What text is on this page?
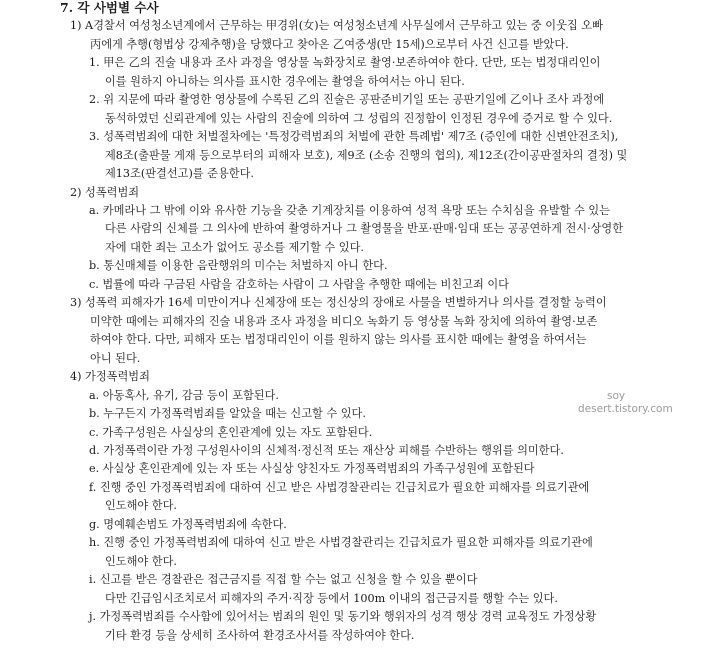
7. 각 사범별 수사
1) A경찰서 여성청소년계에서 근무하는 甲경위(女)는 여성청소년계 사무실에서 근무하고 있는 중 이웃집 오빠
丙에게 추행(형법상 강제추행)을 당했다고 찾아온 乙여중생(만 15세)으로부터 사건 신고를 받았다.
1. 甲은 乙의 진술 내용과 조사 과정을 영상물 녹화장치로 촬영·보존하여야 한다. 단만, 또는 법정대리인이
이를 원하지 아니하는 의사를 표시한 경우에는 촬영을 하여서는 아니 된다.
2. 위 지문에 따라 촬영한 영상물에 수록된 乙의 진술은 공판준비기일 또는 공판기일에 乙이나 조사 과정에
동석하였던 신뢰관계에 있는 사람의 진술에 의하여 그 성립의 진정함이 인정된 경우에 증거로 할 수 있다.
3. 성폭력범죄에 대한 처벌절차에는 '특정강력범죄의 처벌에 관한 특례법' 제7조 (증인에 대한 신변안전조치),
제8조(출판물 게재 등으로부터의 피해자 보호), 제9조 (소송 진행의 협의), 제12조(간이공판절차의 결정) 및
제13조(판결선고)를 준용한다.
2) 성폭력범죄
a. 카메라나 그 밖에 이와 유사한 기능을 갖춘 기계장치를 이용하여 성적 욕망 또는 수치심을 유발할 수 있는
다른 사람의 신체를 그 의사에 반하여 촬영하거나 그 촬영물을 반포·판매·임대 또는 공공연하게 전시·상영한
자에 대한 죄는 고소가 없어도 공소를 제기할 수 있다.
b. 통신매체를 이용한 음란행위의 미수는 처벌하지 아니 한다.
c. 법률에 따라 구금된 사람을 감호하는 사람이 그 사람을 추행한 때에는 비친고죄 이다
3) 성폭력 피해자가 16세 미만이거나 신체장애 또는 정신상의 장애로 사물을 변별하거나 의사를 결정할 능력이
미약한 때에는 피해자의 진술 내용과 조사 과정을 비디오 녹화기 등 영상물 녹화 장치에 의하여 촬영·보존
하여야 한다. 다만, 피해자 또는 법정대리인이 이를 원하지 않는 의사를 표시한 때에는 촬영을 하여서는
아니 된다.
4) 가정폭력범죄
a. 아동혹사, 유기, 감금 등이 포함된다.
b. 누구든지 가정폭력범죄를 알았을 때는 신고할 수 있다.
c. 가족구성원은 사실상의 혼인관계에 있는 자도 포함된다.
d. 가정폭력이란 가정 구성원사이의 신체적·정신적 또는 재산상 피해를 수반하는 행위를 의미한다.
e. 사실상 혼인관계에 있는 자 또는 사실상 양친자도 가정폭력범죄의 가족구성원에 포함된다
f. 진행 중인 가정폭력범죄에 대하여 신고 받은 사법경찰관리는 긴급치료가 필요한 피해자를 의료기관에
인도해야 한다.
g. 명예훼손범도 가정폭력범죄에 속한다.
h. 진행 중인 가정폭력범죄에 대하여 신고 받은 사법경찰관리는 긴급치료가 필요한 피해자를 의료기관에
인도해야 한다.
i. 신고를 받은 경찰관은 접근금지를 직접 할 수는 없고 신청을 할 수 있을 뿐이다
다만 긴급임시조치로서 피해자의 주거·직장 등에서 100m 이내의 접근금지를 행할 수는 있다.
j. 가정폭력범죄를 수사함에 있어서는 범죄의 원인 및 동기와 행위자의 성격 행상 경력 교육정도 가정상황
기타 환경 등을 상세히 조사하여 환경조사서를 작성하여야 한다.
soy
desert.tistory.com
